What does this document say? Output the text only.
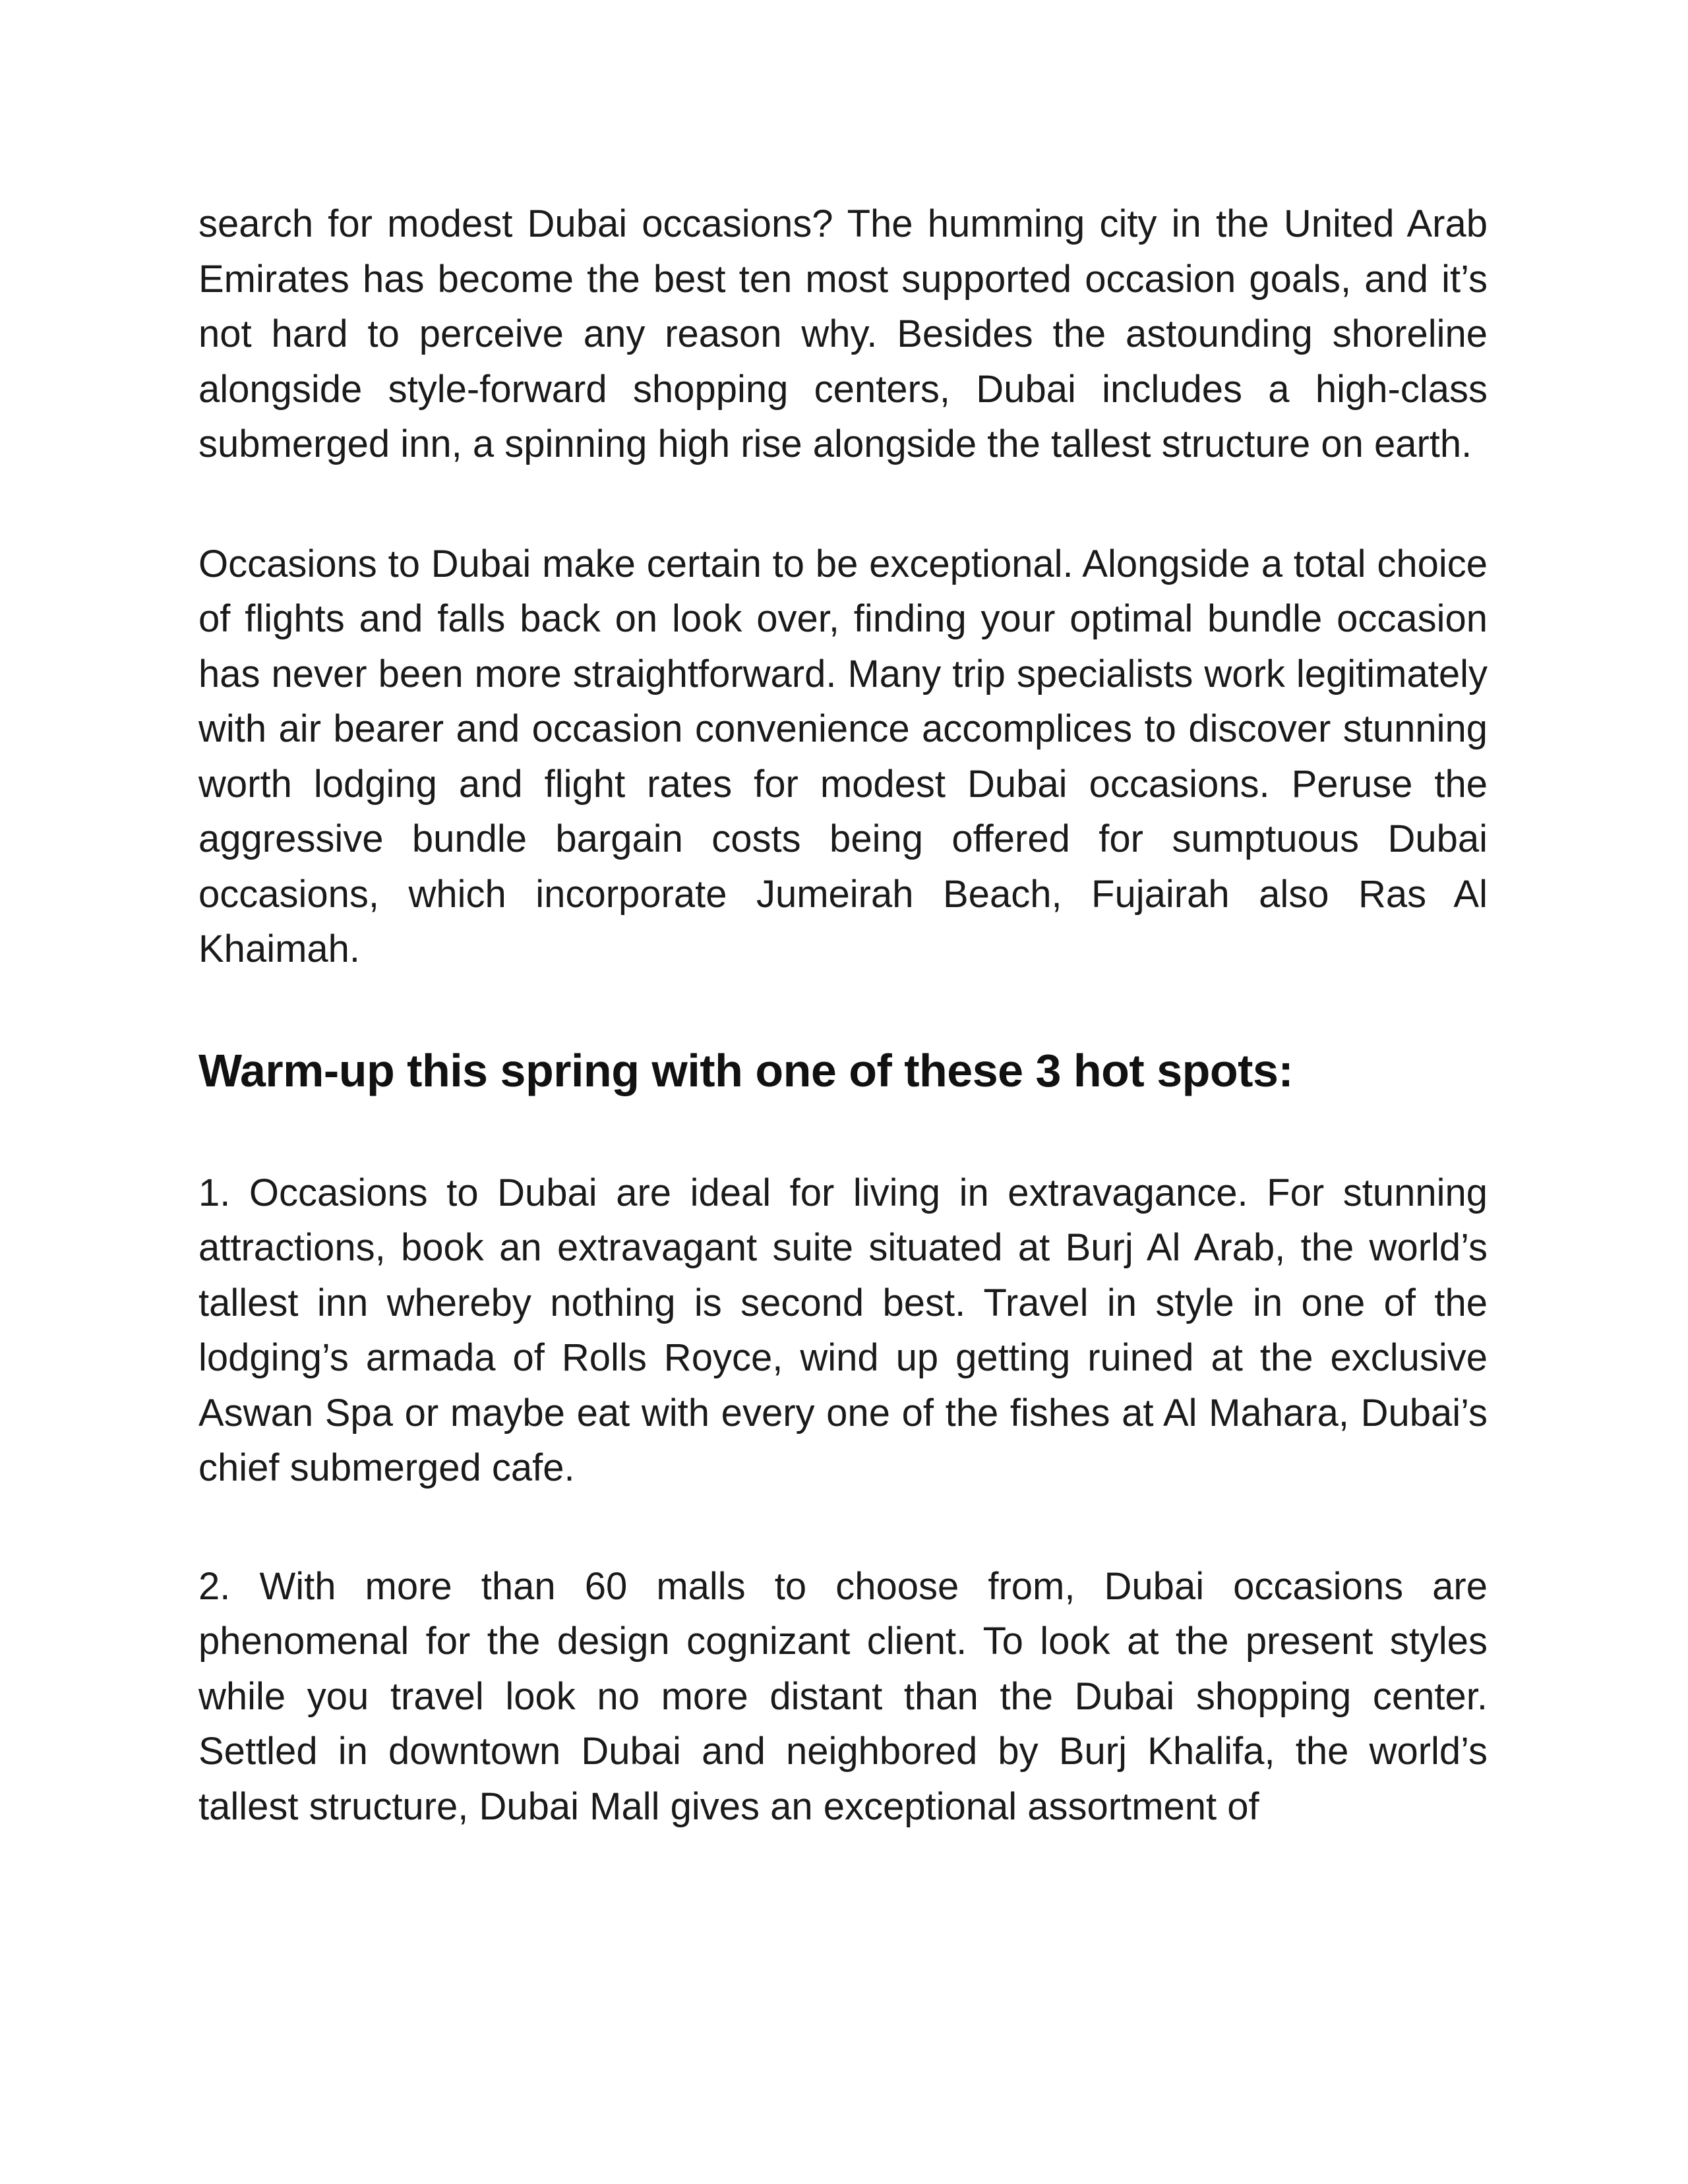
search for modest Dubai occasions? The humming city in the United Arab Emirates has become the best ten most supported occasion goals, and it’s not hard to perceive any reason why. Besides the astounding shoreline alongside style-forward shopping centers, Dubai includes a high-class submerged inn, a spinning high rise alongside the tallest structure on earth.

Occasions to Dubai make certain to be exceptional. Alongside a total choice of flights and falls back on look over, finding your optimal bundle occasion has never been more straightforward. Many trip specialists work legitimately with air bearer and occasion convenience accomplices to discover stunning worth lodging and flight rates for modest Dubai occasions. Peruse the aggressive bundle bargain costs being offered for sumptuous Dubai occasions, which incorporate Jumeirah Beach, Fujairah also Ras Al Khaimah.

Warm-up this spring with one of these 3 hot spots:

1. Occasions to Dubai are ideal for living in extravagance. For stunning attractions, book an extravagant suite situated at Burj Al Arab, the world’s tallest inn whereby nothing is second best. Travel in style in one of the lodging’s armada of Rolls Royce, wind up getting ruined at the exclusive Aswan Spa or maybe eat with every one of the fishes at Al Mahara, Dubai’s chief submerged cafe.

2. With more than 60 malls to choose from, Dubai occasions are phenomenal for the design cognizant client. To look at the present styles while you travel look no more distant than the Dubai shopping center. Settled in downtown Dubai and neighbored by Burj Khalifa, the world’s tallest structure, Dubai Mall gives an exceptional assortment of
